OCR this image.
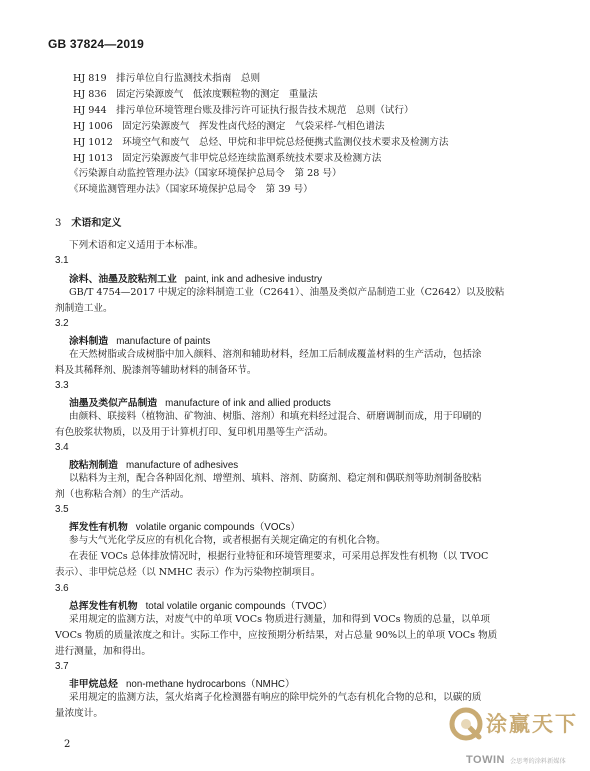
GB 37824—2019
HJ 819　排污单位自行监测技术指南　总则
HJ 836　固定污染源废气　低浓度颗粒物的测定　重量法
HJ 944　排污单位环境管理台账及排污许可证执行报告技术规范　总则（试行）
HJ 1006　固定污染源废气　挥发性卤代烃的测定　气袋采样-气相色谱法
HJ 1012　环境空气和废气　总烃、甲烷和非甲烷总烃便携式监测仪技术要求及检测方法
HJ 1013　固定污染源废气非甲烷总烃连续监测系统技术要求及检测方法
《污染源自动监控管理办法》（国家环境保护总局令　第 28 号）
《环境监测管理办法》（国家环境保护总局令　第 39 号）
3 术语和定义
下列术语和定义适用于本标准。
3.1
涂料、油墨及胶粘剂工业 paint, ink and adhesive industry
GB/T 4754—2017 中规定的涂料制造工业（C2641）、油墨及类似产品制造工业（C2642）以及胶粘
剂制造工业。
3.2
涂料制造 manufacture of paints
在天然树脂或合成树脂中加入颜料、溶剂和辅助材料，经加工后制成覆盖材料的生产活动，包括涂
料及其稀释剂、脱漆剂等辅助材料的制备环节。
3.3
油墨及类似产品制造 manufacture of ink and allied products
由颜料、联接料（植物油、矿物油、树脂、溶剂）和填充料经过混合、研磨调制而成，用于印刷的
有色胶浆状物质，以及用于计算机打印、复印机用墨等生产活动。
3.4
胶粘剂制造 manufacture of adhesives
以粘料为主剂，配合各种固化剂、增塑剂、填料、溶剂、防腐剂、稳定剂和偶联剂等助剂制备胶粘
剂（也称粘合剂）的生产活动。
3.5
挥发性有机物 volatile organic compounds（VOCs）
参与大气光化学反应的有机化合物，或者根据有关规定确定的有机化合物。
在表征 VOCs 总体排放情况时，根据行业特征和环境管理要求，可采用总挥发性有机物（以 TVOC
表示）、非甲烷总烃（以 NMHC 表示）作为污染物控制项目。
3.6
总挥发性有机物 total volatile organic compounds（TVOC）
采用规定的监测方法，对废气中的单项 VOCs 物质进行测量，加和得到 VOCs 物质的总量，以单项
VOCs 物质的质量浓度之和计。实际工作中，应按预期分析结果，对占总量 90%以上的单项 VOCs 物质
进行测量，加和得出。
3.7
非甲烷总烃 non-methane hydrocarbons（NMHC）
采用规定的监测方法，氢火焰离子化检测器有响应的除甲烷外的气态有机化合物的总和，以碳的质
量浓度计。
2
涂赢天下
TOWIN 会思考的涂料新媒体
